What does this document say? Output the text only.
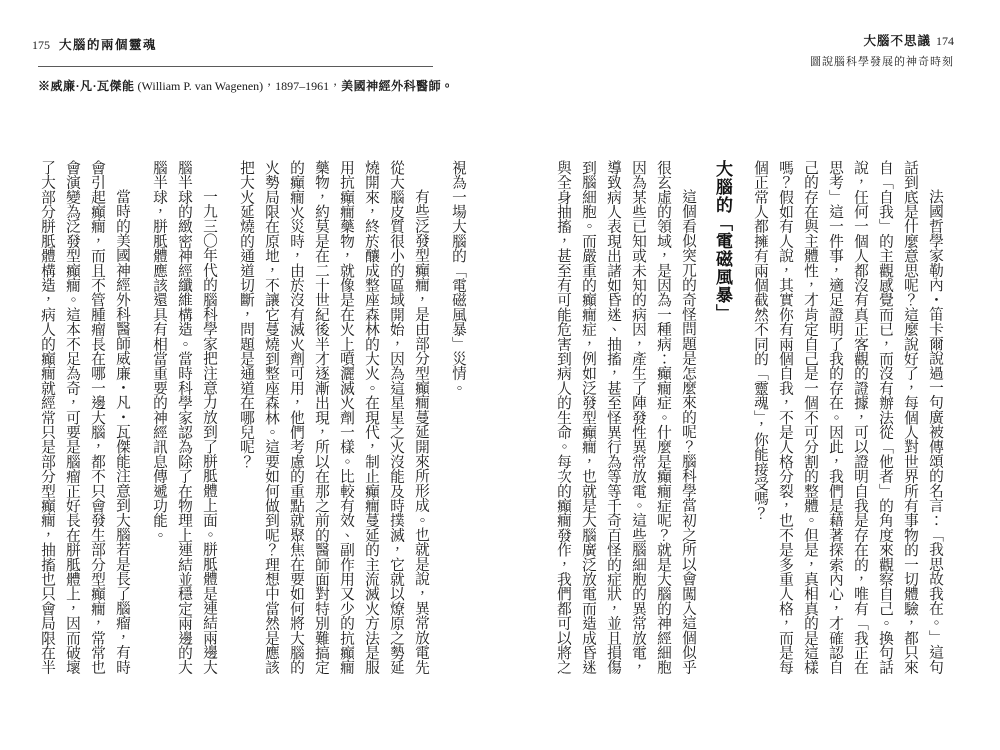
175 大腦的兩個靈魂
※威廉·凡·瓦傑能 (William P. van Wagenen)，1897–1961，美國神經外科醫師。
大腦不思議 174
圖說腦科學發展的神奇時刻

法國哲學家勒內・笛卡爾說過一句廣被傳頌的名言：「我思故我在。」這句話到底是什麼意思呢？這麼說好了，每個人對世界所有事物的一切體驗，都只來自「自我」的主觀感覺而已，而沒有辦法從「他者」的角度來觀察自己。換句話說，任何一個人都沒有真正客觀的證據，可以證明自我是存在的，唯有「我正在思考」這一件事，適足證明了我的存在。因此，我們是藉著探索內心，才確認自己的存在與主體性，才肯定自己是一個不可分割的整體。但是，真相真的是這樣嗎？假如有人說，其實你有兩個自我，不是人格分裂，也不是多重人格，而是每個正常人都擁有兩個截然不同的「靈魂」，你能接受嗎？

大腦的「電磁風暴」

這個看似突兀的奇怪問題是怎麼來的呢？腦科學當初之所以會闖入這個似乎很玄虛的領域，是因為一種病：癲癇症。什麼是癲癇症呢？就是大腦的神經細胞因為某些已知或未知的病因，產生了陣發性異常放電。這些腦細胞的異常放電，導致病人表現出諸如昏迷、抽搐，甚至怪異行為等等千奇百怪的症狀，並且損傷到腦細胞。而嚴重的癲癇症，例如泛發型癲癇，也就是大腦廣泛放電而造成昏迷與全身抽搐，甚至有可能危害到病人的生命。每次的癲癇發作，我們都可以將之

視為一場大腦的「電磁風暴」災情。

有些泛發型癲癇，是由部分型癲癇蔓延開來所形成。也就是說，異常放電先從大腦皮質很小的區域開始，因為這星星之火沒能及時撲滅，它就以燎原之勢延燒開來，終於釀成整座森林的大火。在現代，制止癲癇蔓延的主流滅火方法是服用抗癲癇藥物，就像是在火上噴灑滅火劑一樣。比較有效、副作用又少的抗癲癇藥物，約莫是在二十世紀後半才逐漸出現，所以在那之前的醫師面對特別難搞定的癲癇火災時，由於沒有滅火劑可用，他們考慮的重點就聚焦在要如何將大腦的火勢局限在原地，不讓它蔓燒到整座森林。這要如何做到呢？理想中當然是應該把大火延燒的通道切斷，問題是通道在哪兒呢？

一九三〇年代的腦科學家把注意力放到了胼胝體上面。胼胝體是連結兩邊大腦半球的緻密神經纖維構造。當時科學家認為除了在物理上連結並穩定兩邊的大腦半球，胼胝體應該還具有相當重要的神經訊息傳遞功能。

當時的美國神經外科醫師威廉・凡・瓦傑能注意到大腦若是長了腦瘤，有時會引起癲癇，而且不管腫瘤長在哪一邊大腦，都不只會發生部分型癲癇，常常也會演變為泛發型癲癇。這本不足為奇，可要是腦瘤正好長在胼胝體上，因而破壞了大部分胼胝體構造，病人的癲癇就經常只是部分型癲癇，抽搐也只會局限在半
